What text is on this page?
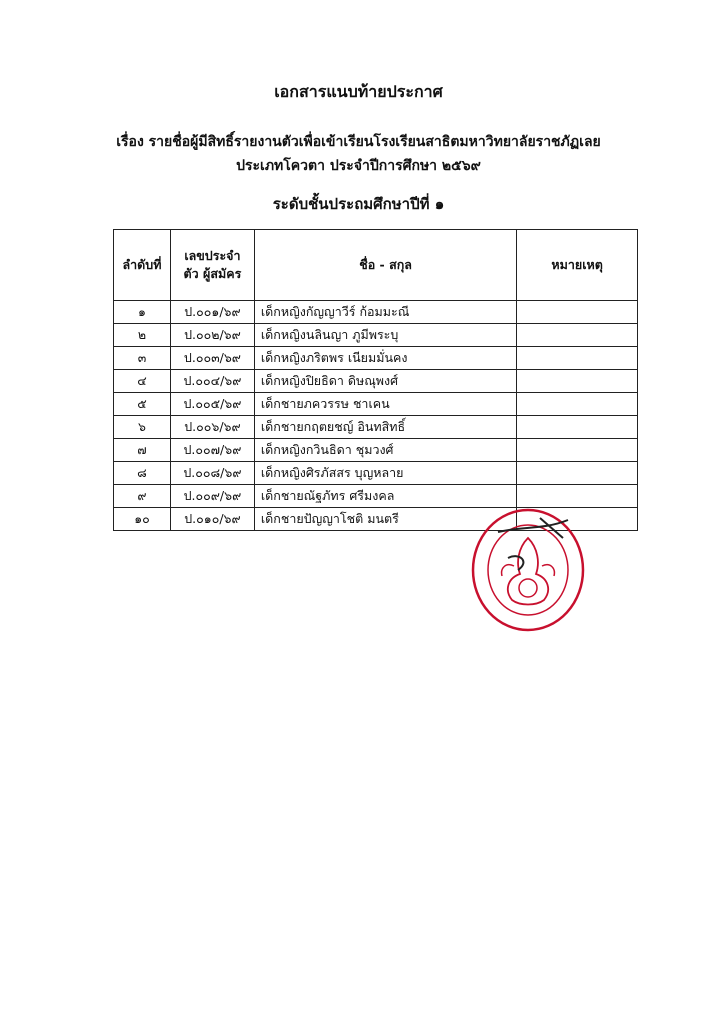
เอกสารแนบท้ายประกาศ
เรื่อง รายชื่อผู้มีสิทธิ์รายงานตัวเพื่อเข้าเรียนโรงเรียนสาธิตมหาวิทยาลัยราชภัฏเลย
ประเภทโควตา ประจำปีการศึกษา ๒๕๖๙
ระดับชั้นประถมศึกษาปีที่ ๑
ลำดับที่	เลขประจำตัว ผู้สมัคร	ชื่อ - สกุล	หมายเหตุ
๑	ป.๐๐๑/๖๙	เด็กหญิงกัญญาวีร์ ก้อมมะณี	
๒	ป.๐๐๒/๖๙	เด็กหญิงนลินญา ภูมีพระบุ	
๓	ป.๐๐๓/๖๙	เด็กหญิงภริตพร เนียมมั่นคง	
๔	ป.๐๐๔/๖๙	เด็กหญิงปิยธิดา ดิษณุพงศ์	
๕	ป.๐๐๕/๖๙	เด็กชายภควรรษ ชาเคน	
๖	ป.๐๐๖/๖๙	เด็กชายกฤตยชญ์ อินทสิทธิ์	
๗	ป.๐๐๗/๖๙	เด็กหญิงกวินธิดา ชุมวงศ์	
๘	ป.๐๐๘/๖๙	เด็กหญิงศิรภัสสร บุญหลาย	
๙	ป.๐๐๙/๖๙	เด็กชายณัฐภัทร ศรีมงคล	
๑๐	ป.๐๑๐/๖๙	เด็กชายปัญญาโชติ มนตรี	
